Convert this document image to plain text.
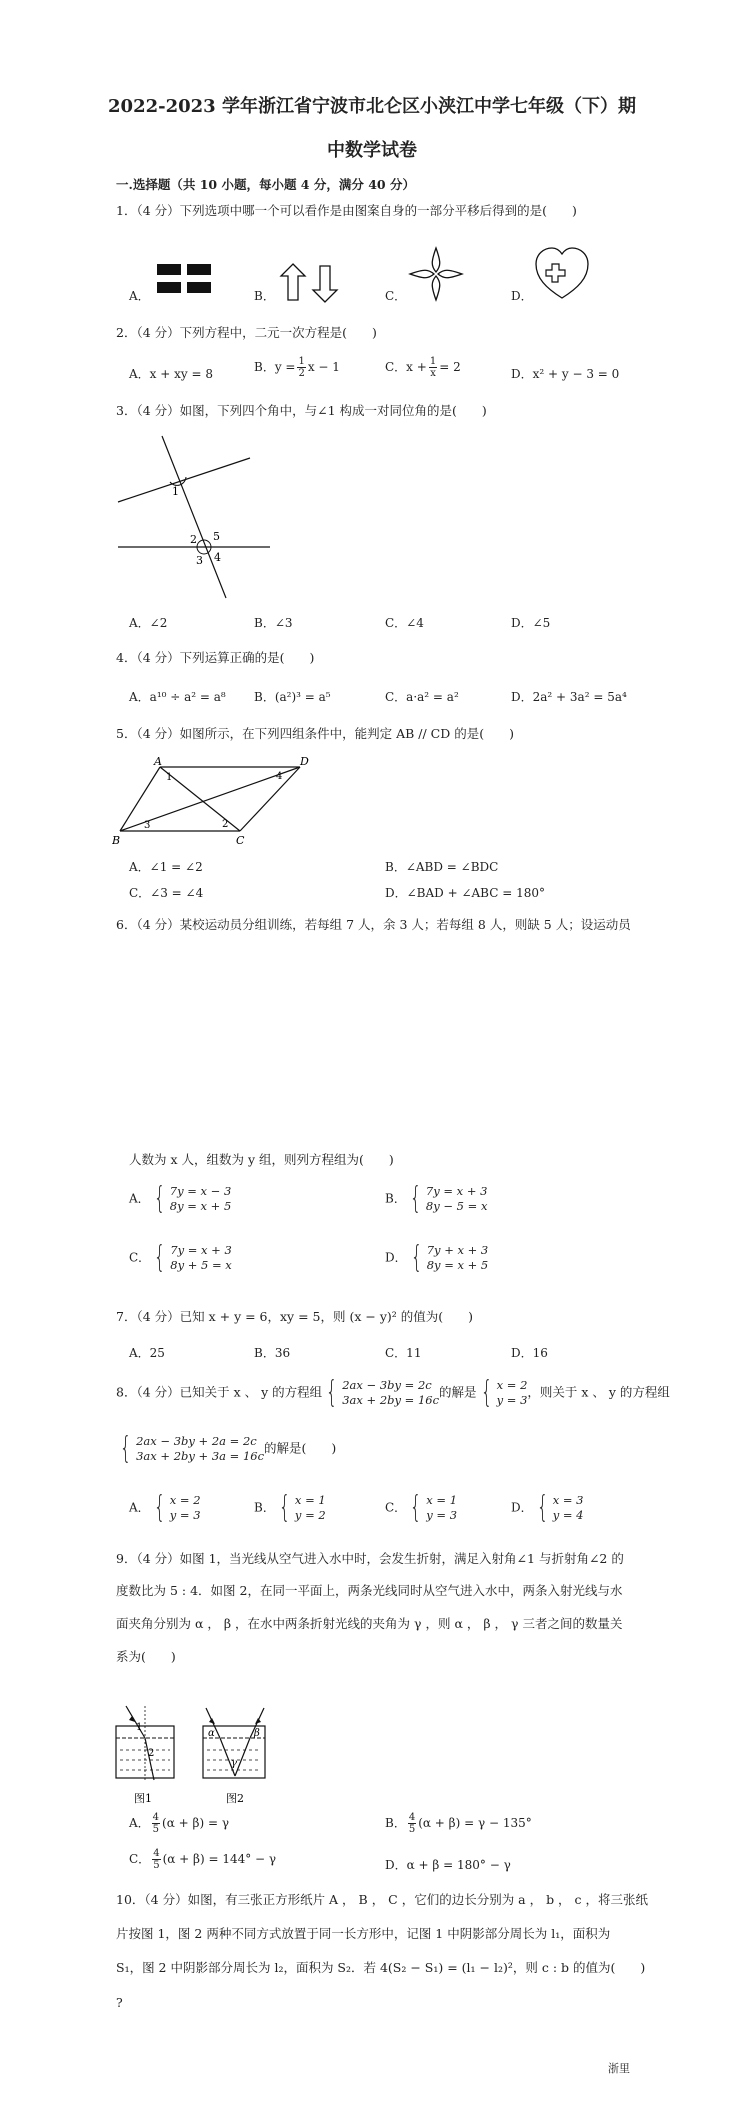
2022-2023 学年浙江省宁波市北仑区小浃江中学七年级（下）期
中数学试卷
一.选择题（共 10 小题，每小题 4 分，满分 40 分）
1．（4 分）下列选项中哪一个可以看作是由图案自身的一部分平移后得到的是(　　)
A．	B．	C．	D．
2．（4 分）下列方程中，二元一次方程是(　　)
A．x + xy = 8	B．$y = \frac{1}{2}$ x − 1	C．$x + \frac{1}{x} = 2$	D．x² + y − 3 = 0
3．（4 分）如图，下列四个角中，与∠1 构成一对同位角的是(　　)
1
2 5
3 4
A．∠2	B．∠3	C．∠4	D．∠5
4．（4 分）下列运算正确的是(　　)
A．a¹⁰ ÷ a² = a⁸ B．(a²)³ = a⁵	C．a·a² = a²	D．2a² + 3a² = 5a⁴
5．（4 分）如图所示，在下列四组条件中，能判定 AB // CD 的是(　　)
A	D
B	C
1	4
2
3
A．∠1 = ∠2	B．∠ABD = ∠BDC
C．∠3 = ∠4	D．∠BAD + ∠ABC = 180°
6．（4 分）某校运动员分组训练，若每组 7 人，余 3 人；若每组 8 人，则缺 5 人；设运动员
人数为 x 人，组数为 y 组，则列方程组为(　　)
A． { 7y = x − 3
8y = x + 5
B． { 7y = x + 3
8y − 5 = x
C． { 7y = x + 3
8y + 5 = x
D． { 7y + x + 3
8y = x + 5
7．（4 分）已知 x + y = 6，xy = 5，则 (x − y)² 的值为(　　)
A．25	B．36	C．11	D．16
8．（4 分）已知关于 x 、 y 的方程组 { 2ax − 3by = 2c
3ax + 2by = 16c
的解是 { x = 2
y = 3
，则关于 x 、 y 的方程组
{ 2ax − 3by + 2a = 2c
3ax + 2by + 3a = 16c
的解是(　　)
A． { x = 2
y = 3
B． { x = 1
y = 2
C． { x = 1
y = 3
D． { x = 3
y = 4
9．（4 分）如图 1，当光线从空气进入水中时，会发生折射，满足入射角∠1 与折射角∠2 的
度数比为 5 : 4．如图 2，在同一平面上，两条光线同时从空气进入水中，两条入射光线与水
面夹角分别为 α ， β ，在水中两条折射光线的夹角为 γ ，则 α ， β ， γ 三者之间的数量关
系为(　　)
1
2
图1
α	β
γ
图2
A． $\frac{4}{5} (\alpha + \beta) = \gamma$	B． $\frac{4}{5} (\alpha + \beta) = \gamma - 135^\circ$
C． $\frac{4}{5} (\alpha + \beta) = 144^\circ - \gamma$	D．α + β = 180° − γ
10．（4 分）如图，有三张正方形纸片 A ， B ， C ，它们的边长分别为 a ， b ， c ，将三张纸
片按图 1，图 2 两种不同方式放置于同一长方形中，记图 1 中阴影部分周长为 l₁，面积为
S₁，图 2 中阴影部分周长为 l₂，面积为 S₂．若 4(S₂ − S₁) = (l₁ − l₂)²，则 c : b 的值为(　　)
?
浙里
